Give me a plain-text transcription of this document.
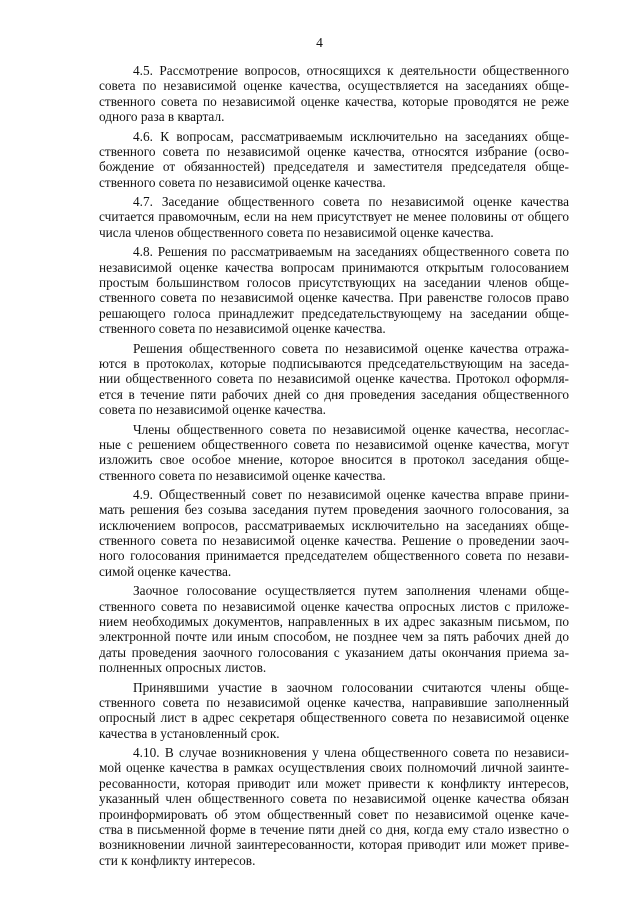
4

4.5. Рассмотрение вопросов, относящихся к деятельности общественного
совета по независимой оценке качества, осуществляется на заседаниях обще-
ственного совета по независимой оценке качества, которые проводятся не реже
одного раза в квартал.

4.6. К вопросам, рассматриваемым исключительно на заседаниях обще-
ственного совета по независимой оценке качества, относятся избрание (осво-
бождение от обязанностей) председателя и заместителя председателя обще-
ственного совета по независимой оценке качества.

4.7. Заседание общественного совета по независимой оценке качества
считается правомочным, если на нем присутствует не менее половины от общего
числа членов общественного совета по независимой оценке качества.

4.8. Решения по рассматриваемым на заседаниях общественного совета по
независимой оценке качества вопросам принимаются открытым голосованием
простым большинством голосов присутствующих на заседании членов обще-
ственного совета по независимой оценке качества. При равенстве голосов право
решающего голоса принадлежит председательствующему на заседании обще-
ственного совета по независимой оценке качества.

Решения общественного совета по независимой оценке качества отража-
ются в протоколах, которые подписываются председательствующим на заседа-
нии общественного совета по независимой оценке качества. Протокол оформля-
ется в течение пяти рабочих дней со дня проведения заседания общественного
совета по независимой оценке качества.

Члены общественного совета по независимой оценке качества, несоглас-
ные с решением общественного совета по независимой оценке качества, могут
изложить свое особое мнение, которое вносится в протокол заседания обще-
ственного совета по независимой оценке качества.

4.9. Общественный совет по независимой оценке качества вправе прини-
мать решения без созыва заседания путем проведения заочного голосования, за
исключением вопросов, рассматриваемых исключительно на заседаниях обще-
ственного совета по независимой оценке качества. Решение о проведении заоч-
ного голосования принимается председателем общественного совета по незави-
симой оценке качества.

Заочное голосование осуществляется путем заполнения членами обще-
ственного совета по независимой оценке качества опросных листов с приложе-
нием необходимых документов, направленных в их адрес заказным письмом, по
электронной почте или иным способом, не позднее чем за пять рабочих дней до
даты проведения заочного голосования с указанием даты окончания приема за-
полненных опросных листов.

Принявшими участие в заочном голосовании считаются члены обще-
ственного совета по независимой оценке качества, направившие заполненный
опросный лист в адрес секретаря общественного совета по независимой оценке
качества в установленный срок.

4.10. В случае возникновения у члена общественного совета по независи-
мой оценке качества в рамках осуществления своих полномочий личной заинте-
ресованности, которая приводит или может привести к конфликту интересов,
указанный член общественного совета по независимой оценке качества обязан
проинформировать об этом общественный совет по независимой оценке каче-
ства в письменной форме в течение пяти дней со дня, когда ему стало известно о
возникновении личной заинтересованности, которая приводит или может приве-
сти к конфликту интересов.
